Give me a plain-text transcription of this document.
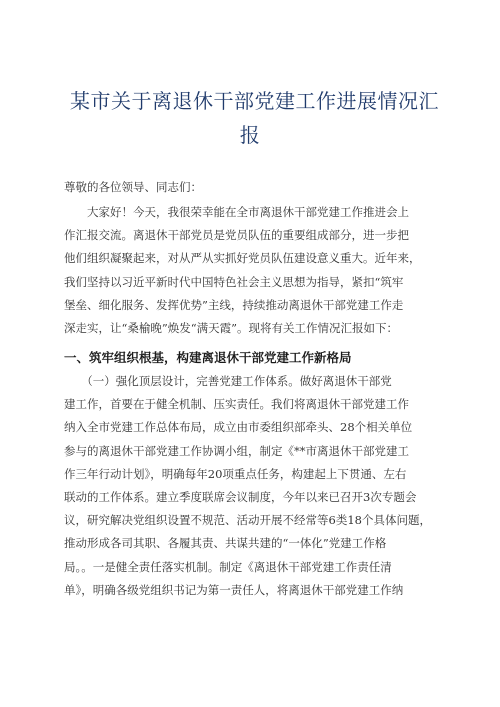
某市关于离退休干部党建工作进展情况汇
报
尊敬的各位领导、同志们：
　　大家好！今天，我很荣幸能在全市离退休干部党建工作推进会上
作汇报交流。离退休干部党员是党员队伍的重要组成部分，进一步把
他们组织凝聚起来，对从严从实抓好党员队伍建设意义重大。近年来，
我们坚持以习近平新时代中国特色社会主义思想为指导，紧扣“筑牢
堡垒、细化服务、发挥优势”主线，持续推动离退休干部党建工作走
深走实，让“桑榆晚”焕发“满天霞”。现将有关工作情况汇报如下：
一、筑牢组织根基，构建离退休干部党建工作新格局
　　（一）强化顶层设计，完善党建工作体系。做好离退休干部党
建工作，首要在于健全机制、压实责任。我们将离退休干部党建工作
纳入全市党建工作总体布局，成立由市委组织部牵头、28个相关单位
参与的离退休干部党建工作协调小组，制定《**市离退休干部党建工
作三年行动计划》，明确每年20项重点任务，构建起上下贯通、左右
联动的工作体系。建立季度联席会议制度，今年以来已召开3次专题会
议，研究解决党组织设置不规范、活动开展不经常等6类18个具体问题，
推动形成各司其职、各履其责、共谋共建的“一体化”党建工作格
局。。一是健全责任落实机制。制定《离退休干部党建工作责任清
单》，明确各级党组织书记为第一责任人，将离退休干部党建工作纳
